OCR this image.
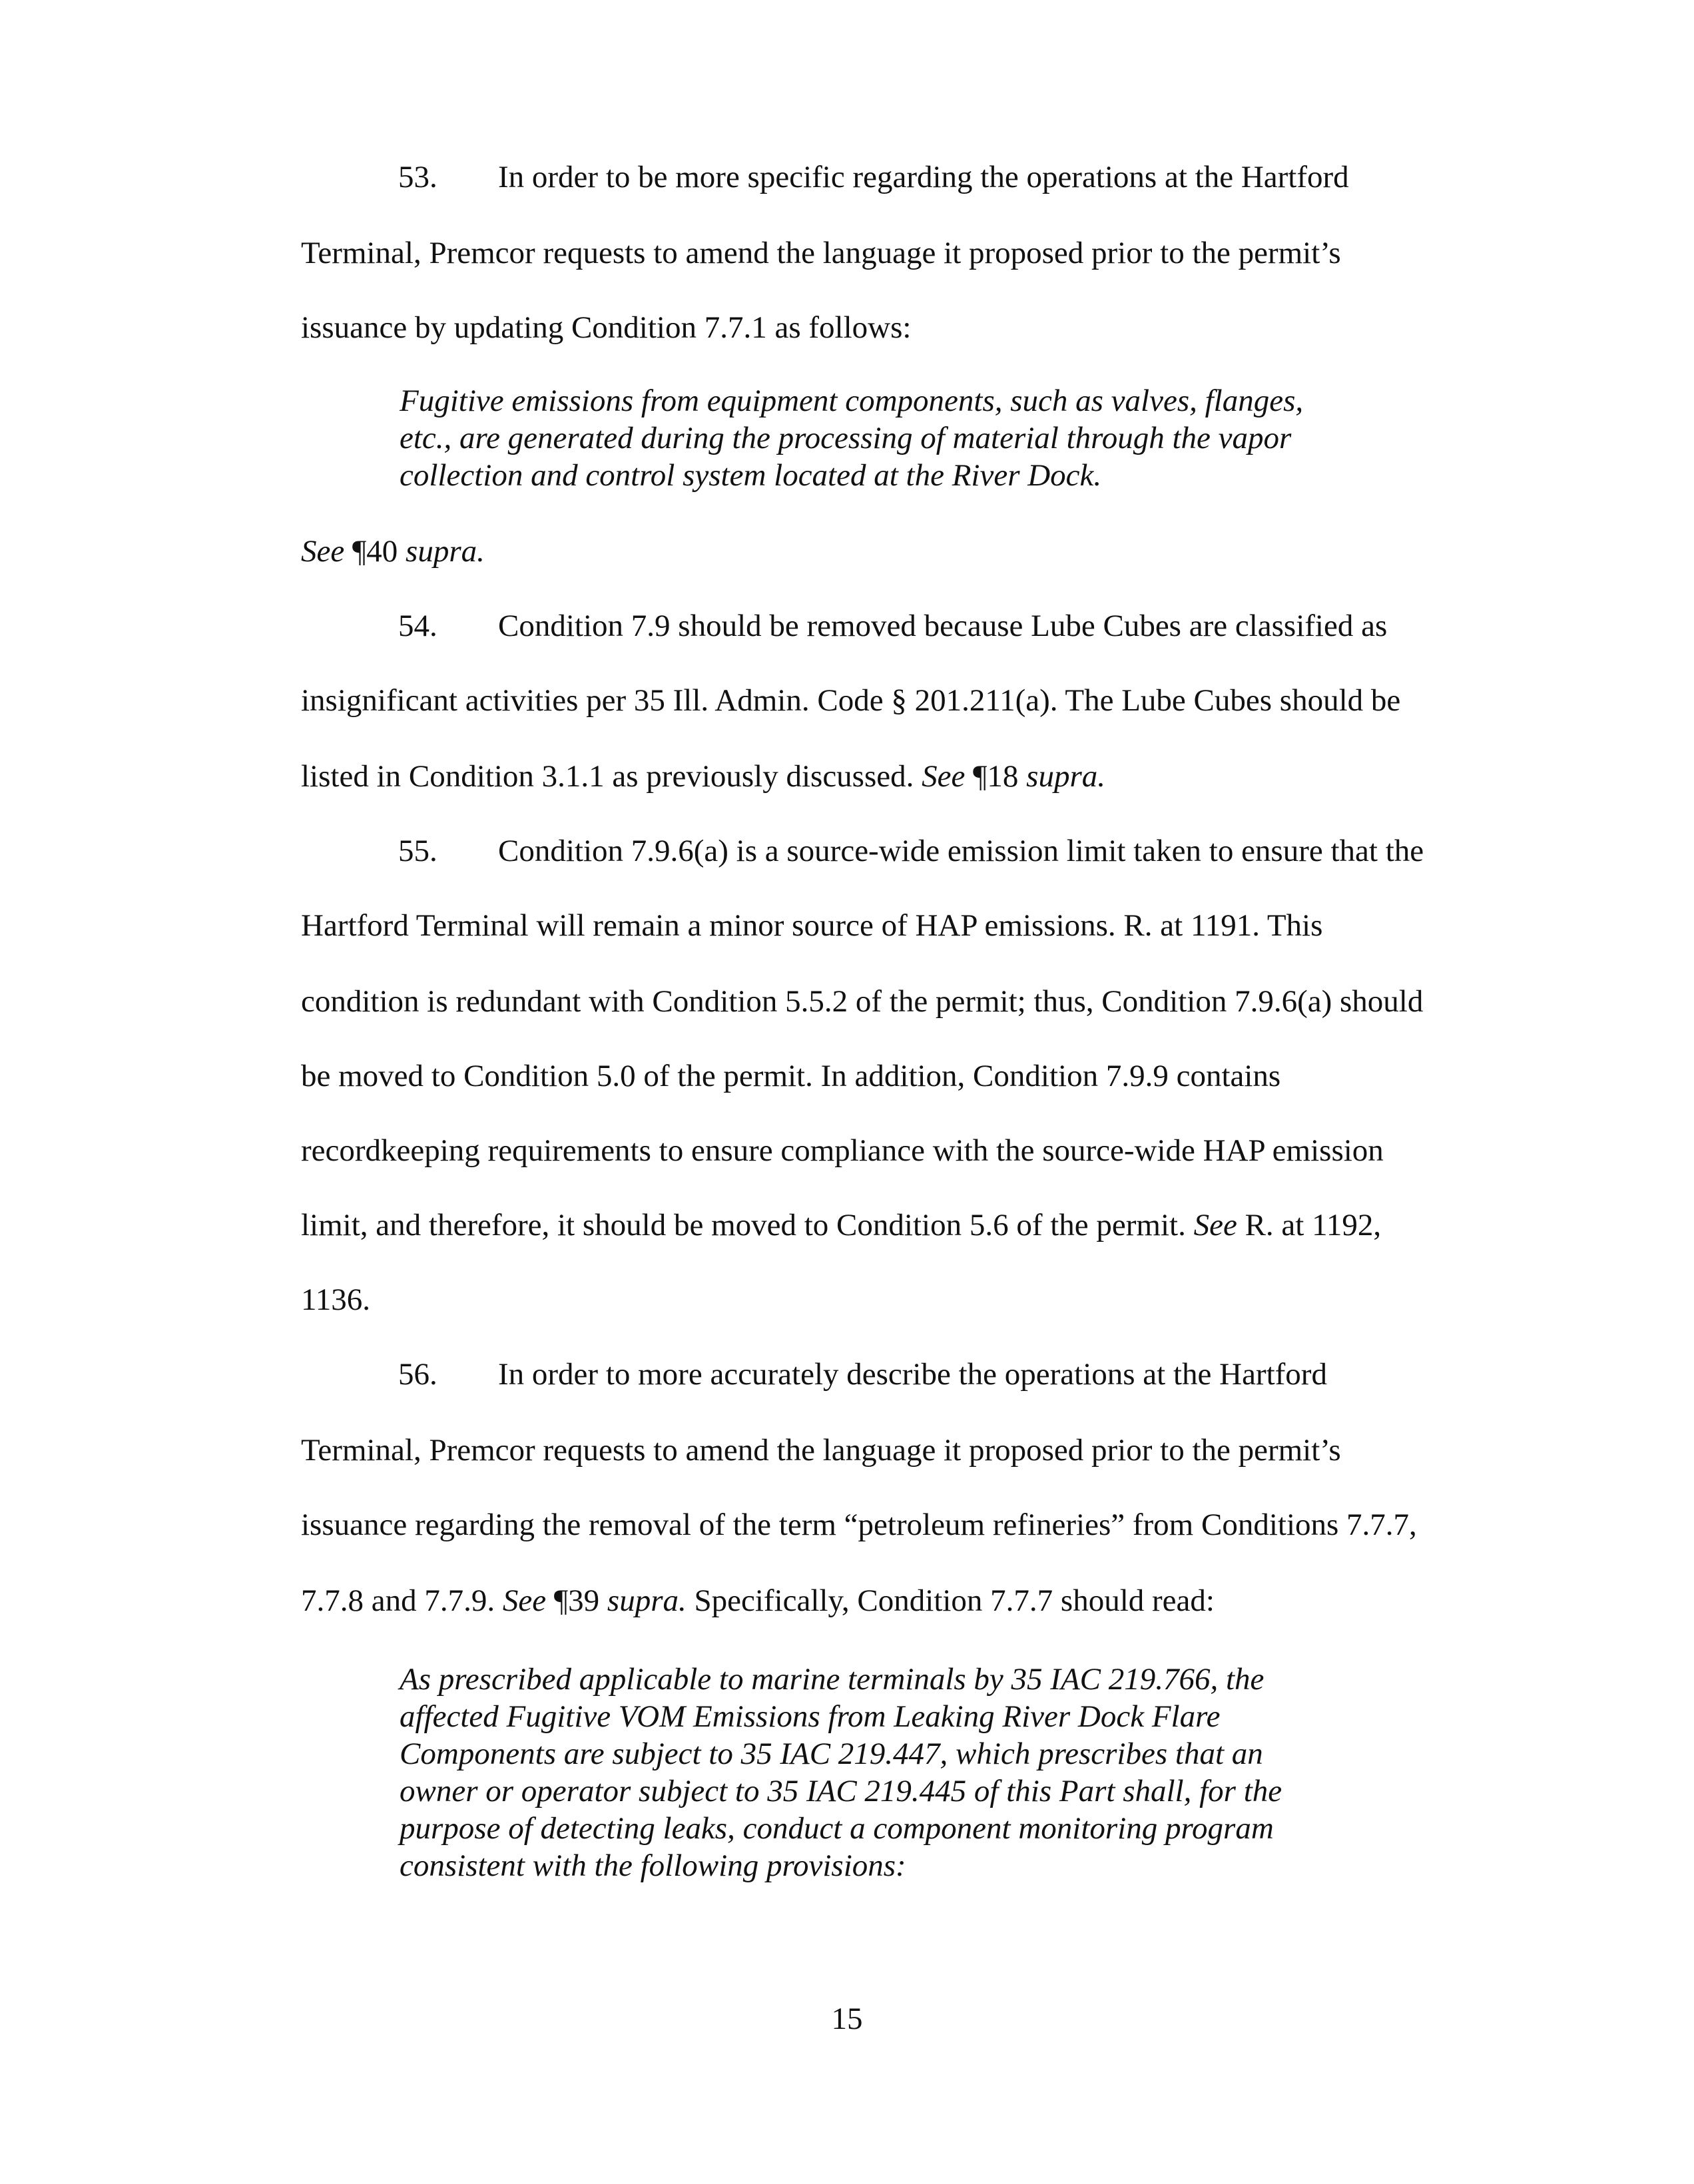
53. In order to be more specific regarding the operations at the Hartford
Terminal, Premcor requests to amend the language it proposed prior to the permit’s
issuance by updating Condition 7.7.1 as follows:
Fugitive emissions from equipment components, such as valves, flanges,
etc., are generated during the processing of material through the vapor
collection and control system located at the River Dock.
See ¶40 supra.
54. Condition 7.9 should be removed because Lube Cubes are classified as
insignificant activities per 35 Ill. Admin. Code § 201.211(a). The Lube Cubes should be
listed in Condition 3.1.1 as previously discussed. See ¶18 supra.
55. Condition 7.9.6(a) is a source-wide emission limit taken to ensure that the
Hartford Terminal will remain a minor source of HAP emissions. R. at 1191. This
condition is redundant with Condition 5.5.2 of the permit; thus, Condition 7.9.6(a) should
be moved to Condition 5.0 of the permit. In addition, Condition 7.9.9 contains
recordkeeping requirements to ensure compliance with the source-wide HAP emission
limit, and therefore, it should be moved to Condition 5.6 of the permit. See R. at 1192,
1136.
56. In order to more accurately describe the operations at the Hartford
Terminal, Premcor requests to amend the language it proposed prior to the permit’s
issuance regarding the removal of the term “petroleum refineries” from Conditions 7.7.7,
7.7.8 and 7.7.9. See ¶39 supra. Specifically, Condition 7.7.7 should read:
As prescribed applicable to marine terminals by 35 IAC 219.766, the
affected Fugitive VOM Emissions from Leaking River Dock Flare
Components are subject to 35 IAC 219.447, which prescribes that an
owner or operator subject to 35 IAC 219.445 of this Part shall, for the
purpose of detecting leaks, conduct a component monitoring program
consistent with the following provisions:
15
